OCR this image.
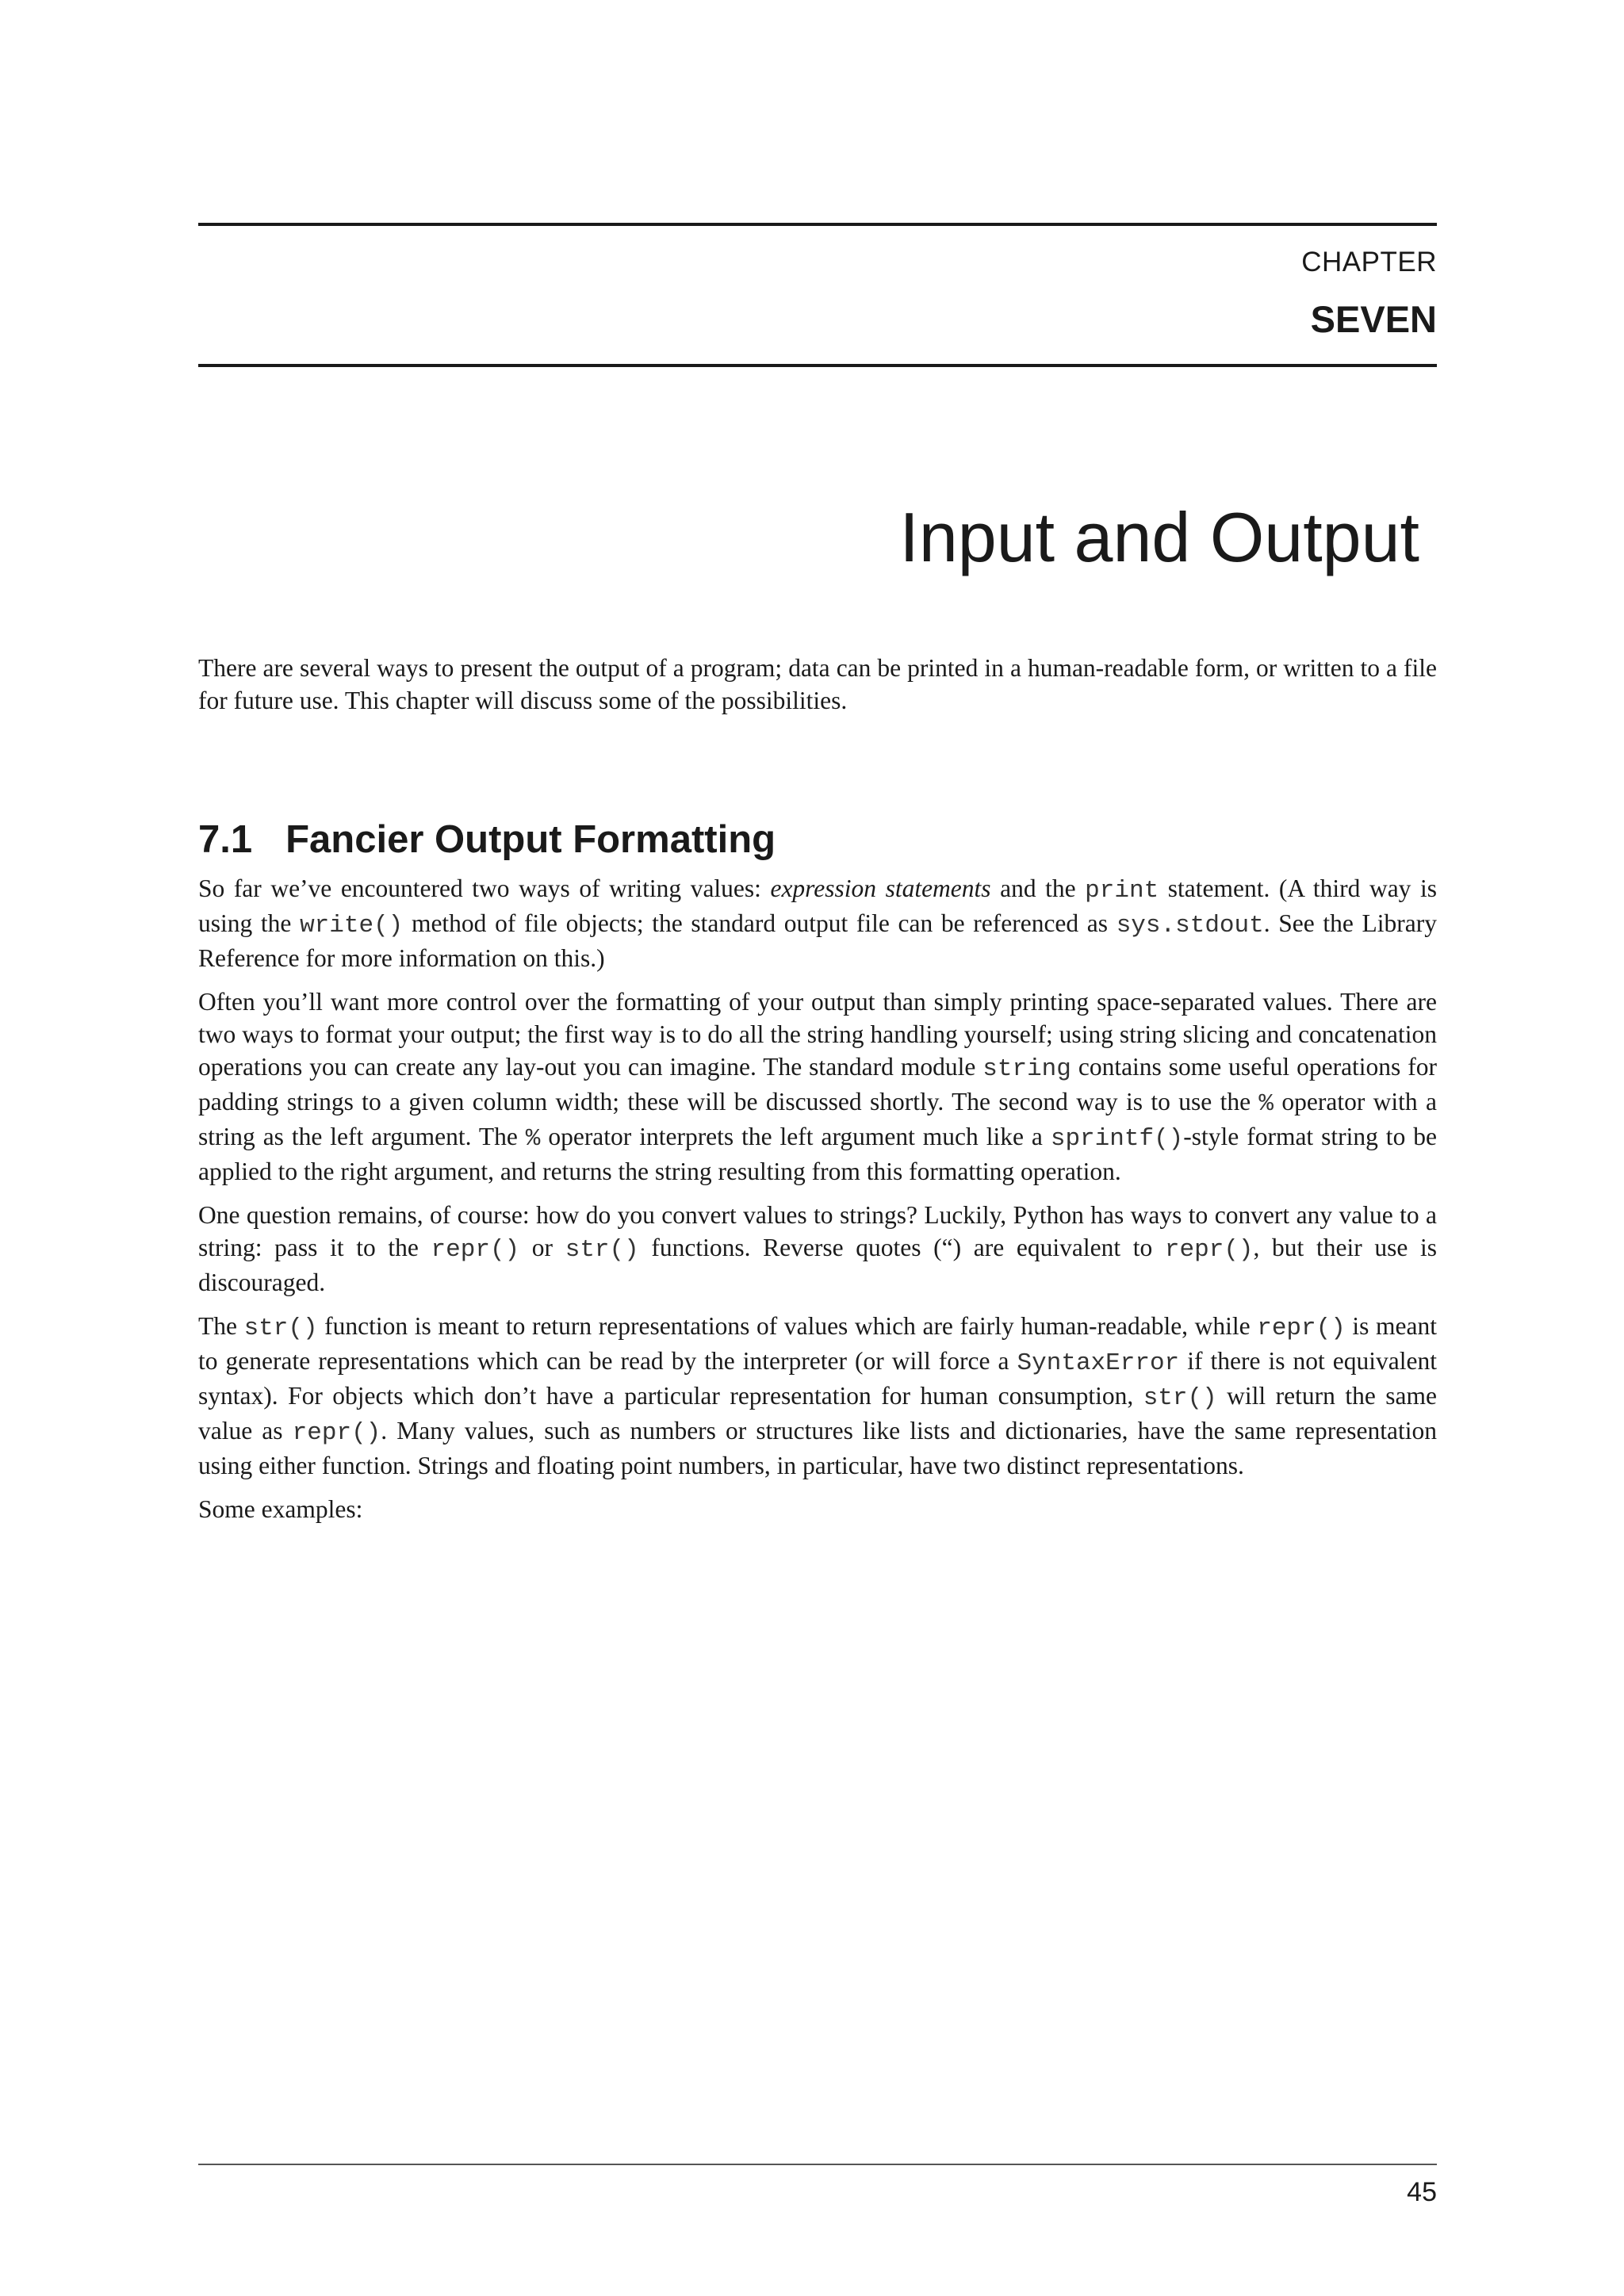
CHAPTER
SEVEN
Input and Output

There are several ways to present the output of a program; data can be printed in a human-readable form, or written to a file for future use. This chapter will discuss some of the possibilities.

7.1 Fancier Output Formatting

So far we’ve encountered two ways of writing values: expression statements and the print statement. (A third way is using the write() method of file objects; the standard output file can be referenced as sys.stdout. See the Library Reference for more information on this.)

Often you’ll want more control over the formatting of your output than simply printing space-separated values. There are two ways to format your output; the first way is to do all the string handling yourself; using string slicing and concatenation operations you can create any lay-out you can imagine. The standard module string contains some useful operations for padding strings to a given column width; these will be discussed shortly. The second way is to use the % operator with a string as the left argument. The % operator interprets the left argument much like a sprintf()-style format string to be applied to the right argument, and returns the string resulting from this formatting operation.

One question remains, of course: how do you convert values to strings? Luckily, Python has ways to convert any value to a string: pass it to the repr() or str() functions. Reverse quotes (“) are equivalent to repr(), but their use is discouraged.

The str() function is meant to return representations of values which are fairly human-readable, while repr() is meant to generate representations which can be read by the interpreter (or will force a SyntaxError if there is not equivalent syntax). For objects which don’t have a particular representation for human consumption, str() will return the same value as repr(). Many values, such as numbers or structures like lists and dictionaries, have the same representation using either function. Strings and floating point numbers, in particular, have two distinct representations.

Some examples:

45
